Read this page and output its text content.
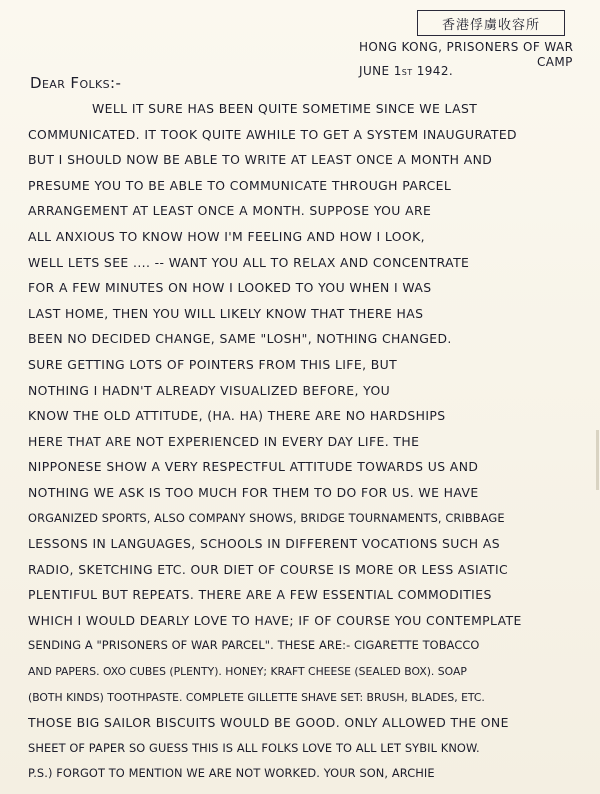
香港俘虜收容所
HONG KONG, PRISONERS OF WAR
CAMP
JUNE 1st 1942.
Dear Folks:-
WELL IT SURE HAS BEEN QUITE SOMETIME SINCE WE LAST
COMMUNICATED. IT TOOK QUITE AWHILE TO GET A SYSTEM INAUGURATED
BUT I SHOULD NOW BE ABLE TO WRITE AT LEAST ONCE A MONTH AND
PRESUME YOU TO BE ABLE TO COMMUNICATE THROUGH PARCEL
ARRANGEMENT AT LEAST ONCE A MONTH. SUPPOSE YOU ARE
ALL ANXIOUS TO KNOW HOW I'M FEELING AND HOW I LOOK,
WELL LETS SEE .... -- WANT YOU ALL TO RELAX AND CONCENTRATE
FOR A FEW MINUTES ON HOW I LOOKED TO YOU WHEN I WAS
LAST HOME, THEN YOU WILL LIKELY KNOW THAT THERE HAS
BEEN NO DECIDED CHANGE, SAME "LOSH", NOTHING CHANGED.
SURE GETTING LOTS OF POINTERS FROM THIS LIFE, BUT
NOTHING I HADN'T ALREADY VISUALIZED BEFORE, YOU
KNOW THE OLD ATTITUDE, (HA. HA) THERE ARE NO HARDSHIPS
HERE THAT ARE NOT EXPERIENCED IN EVERY DAY LIFE. THE
NIPPONESE SHOW A VERY RESPECTFUL ATTITUDE TOWARDS US AND
NOTHING WE ASK IS TOO MUCH FOR THEM TO DO FOR US. WE HAVE
ORGANIZED SPORTS, ALSO COMPANY SHOWS, BRIDGE TOURNAMENTS, CRIBBAGE
LESSONS IN LANGUAGES, SCHOOLS IN DIFFERENT VOCATIONS SUCH AS
RADIO, SKETCHING ETC. OUR DIET OF COURSE IS MORE OR LESS ASIATIC
PLENTIFUL BUT REPEATS. THERE ARE A FEW ESSENTIAL COMMODITIES
WHICH I WOULD DEARLY LOVE TO HAVE; IF OF COURSE YOU CONTEMPLATE
SENDING A "PRISONERS OF WAR PARCEL". THESE ARE:- CIGARETTE TOBACCO
AND PAPERS. OXO CUBES (PLENTY). HONEY; KRAFT CHEESE (SEALED BOX). SOAP
(BOTH KINDS) TOOTHPASTE. COMPLETE GILLETTE SHAVE SET: BRUSH, BLADES, ETC.
THOSE BIG SAILOR BISCUITS WOULD BE GOOD. ONLY ALLOWED THE ONE
SHEET OF PAPER SO GUESS THIS IS ALL FOLKS LOVE TO ALL LET SYBIL KNOW.
P.S.) FORGOT TO MENTION WE ARE NOT WORKED. YOUR SON, ARCHIE
